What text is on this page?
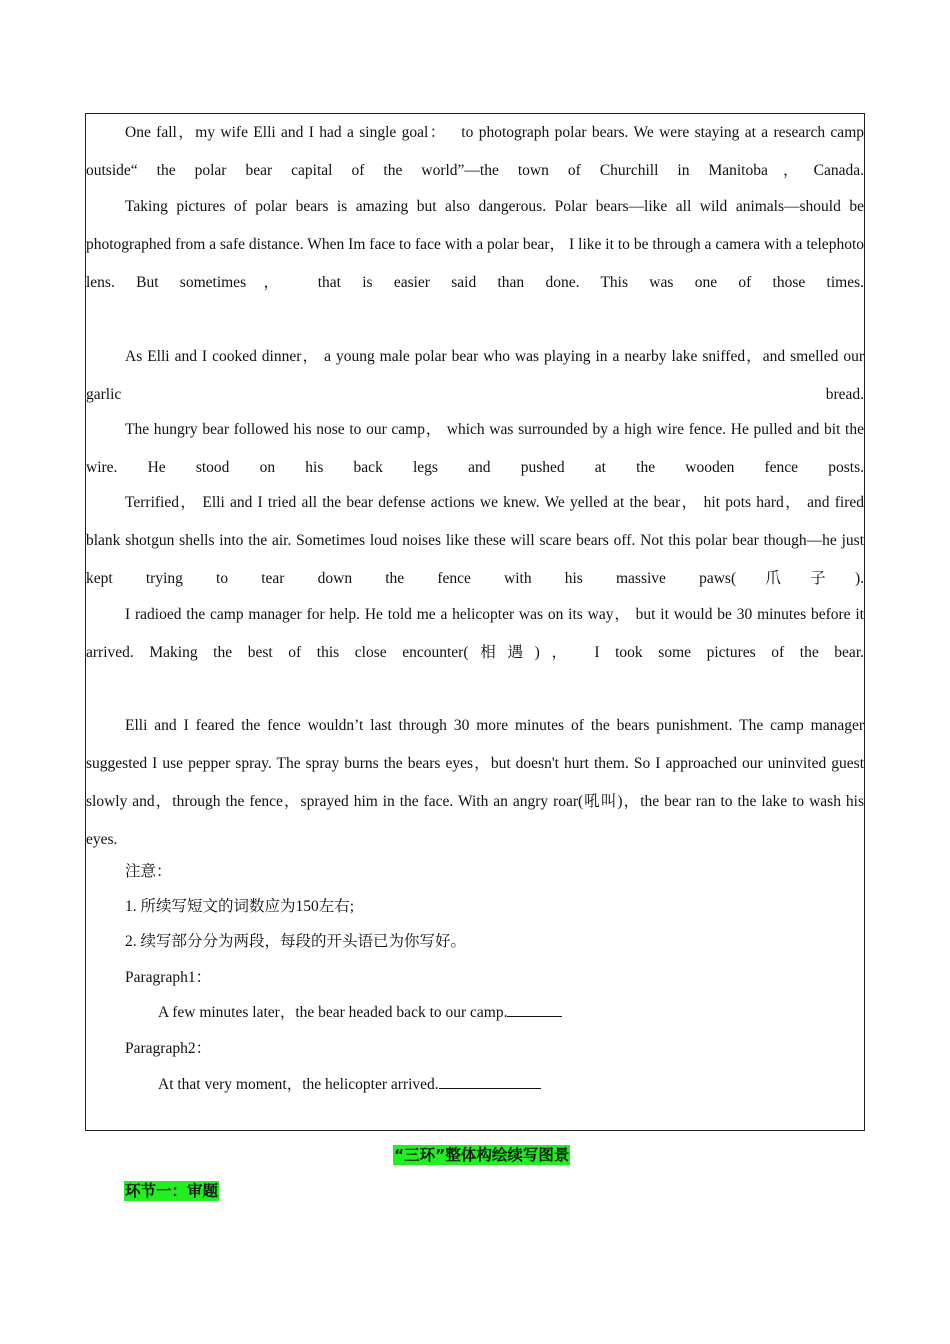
One fall，my wife Elli and I had a single goal：　 to photograph polar bears. We were staying at a research camp outside“ the polar bear capital of the world”—the town of Churchill in Manitoba，Canada.
Taking pictures of polar bears is amazing but also dangerous. Polar bears—like all wild animals—should be photographed from a safe distance. When Im face to face with a polar bear， I like it to be through a camera with a telephoto lens. But sometimes， that is easier said than done. This was one of those times.
As Elli and I cooked dinner， a young male polar bear who was playing in a nearby lake sniffed，and smelled our garlic bread.
The hungry bear followed his nose to our camp， which was surrounded by a high wire fence. He pulled and bit the wire. He stood on his back legs and pushed at the wooden fence posts.
Terrified， Elli and I tried all the bear defense actions we knew. We yelled at the bear， hit pots hard， and fired blank shotgun shells into the air. Sometimes loud noises like these will scare bears off. Not this polar bear though—he just kept trying to tear down the fence with his massive paws(爪子).
I radioed the camp manager for help. He told me a helicopter was on its way， but it would be 30 minutes before it arrived. Making the best of this close encounter(相遇)， I took some pictures of the bear.
Elli and I feared the fence wouldn’t last through 30 more minutes of the bears punishment. The camp manager suggested I use pepper spray. The spray burns the bears eyes，but doesn't hurt them. So I approached our uninvited guest slowly and，through the fence，sprayed him in the face. With an angry roar(吼叫)，the bear ran to the lake to wash his eyes.
注意：
1. 所续写短文的词数应为150左右;
2. 续写部分分为两段，每段的开头语已为你写好。
Paragraph1：
A few minutes later，the bear headed back to our camp.
Paragraph2：
At that very moment，the helicopter arrived.
“三环”整体构绘续写图景
环节一：审题
